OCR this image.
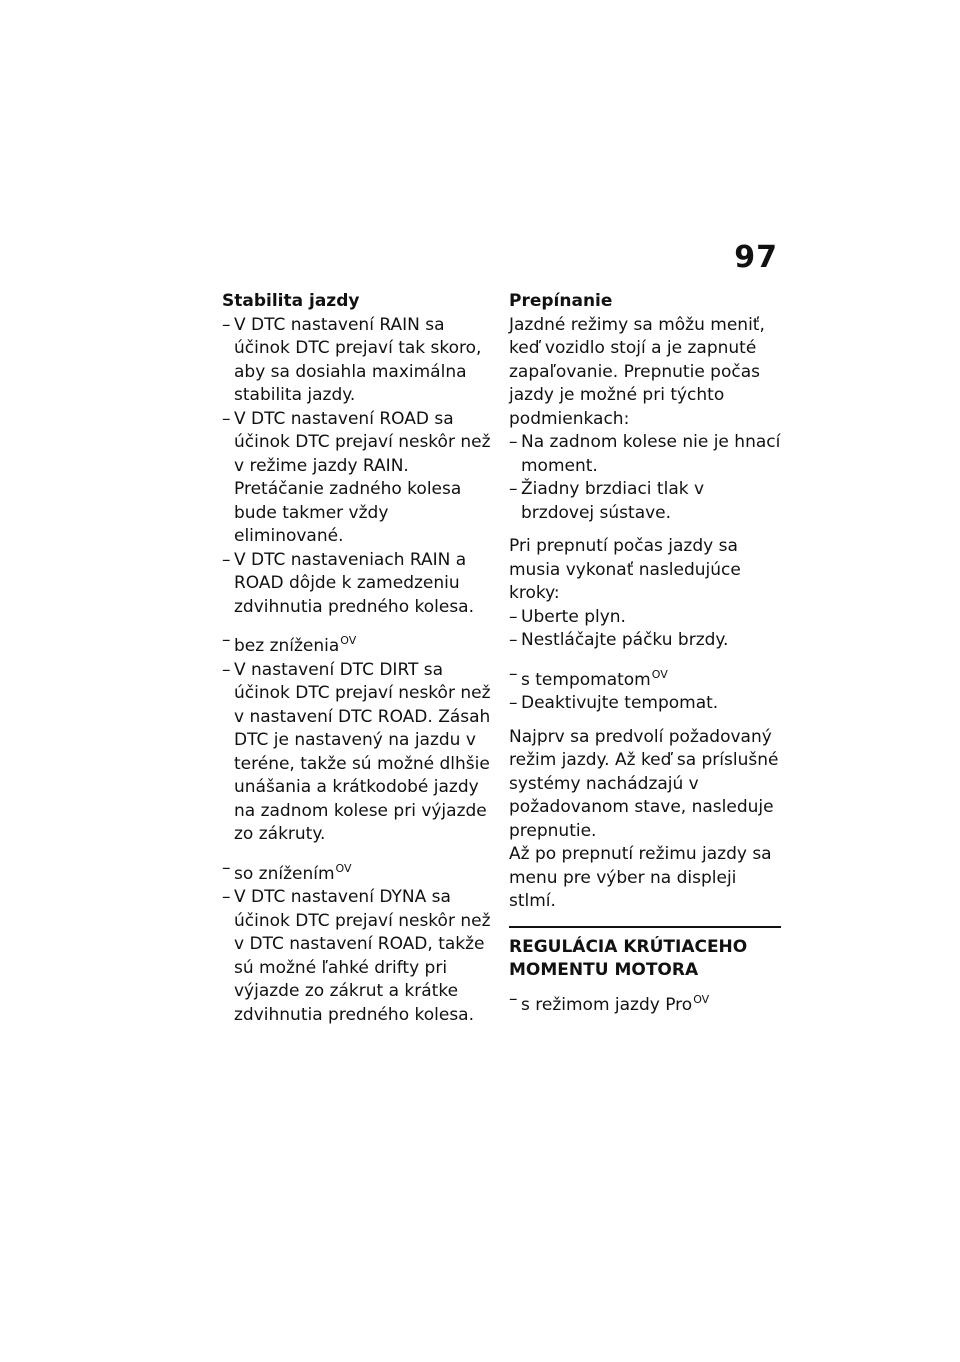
97

Stabilita jazdy

– V DTC nastavení RAIN sa účinok DTC prejaví tak skoro, aby sa dosiahla maximálna stabilita jazdy.
– V DTC nastavení ROAD sa účinok DTC prejaví neskôr než v režime jazdy RAIN. Pretáčanie zadného kolesa bude takmer vždy eliminované.
– V DTC nastaveniach RAIN a ROAD dôjde k zamedzeniu zdvihnutia predného kolesa.

– bez zníženia$^{OV}$

– V nastavení DTC DIRT sa účinok DTC prejaví neskôr než v nastavení DTC ROAD. Zásah DTC je nastavený na jazdu v teréne, takže sú možné dlhšie unášania a krátkodobé jazdy na zadnom kolese pri výjazde zo zákruty.

– so znížením$^{OV}$

– V DTC nastavení DYNA sa účinok DTC prejaví neskôr než v DTC nastavení ROAD, takže sú možné ľahké drifty pri výjazde zo zákrut a krátke zdvihnutia predného kolesa.

Prepínanie

Jazdné režimy sa môžu meniť, keď vozidlo stojí a je zapnuté zapaľovanie. Prepnutie počas jazdy je možné pri týchto podmienkach:

– Na zadnom kolese nie je hnací moment.
– Žiadny brzdiaci tlak v brzdovej sústave.

Pri prepnutí počas jazdy sa musia vykonať nasledujúce kroky:

– Uberte plyn.
– Nestláčajte páčku brzdy.

– s tempomatom$^{OV}$

– Deaktivujte tempomat.

Najprv sa predvolí požadovaný režim jazdy. Až keď sa príslušné systémy nachádzajú v požadovanom stave, nasleduje prepnutie.

Až po prepnutí režimu jazdy sa menu pre výber na displeji stlmí.

REGULÁCIA KRÚTIACEHO MOMENTU MOTORA

– s režimom jazdy Pro$^{OV}$
